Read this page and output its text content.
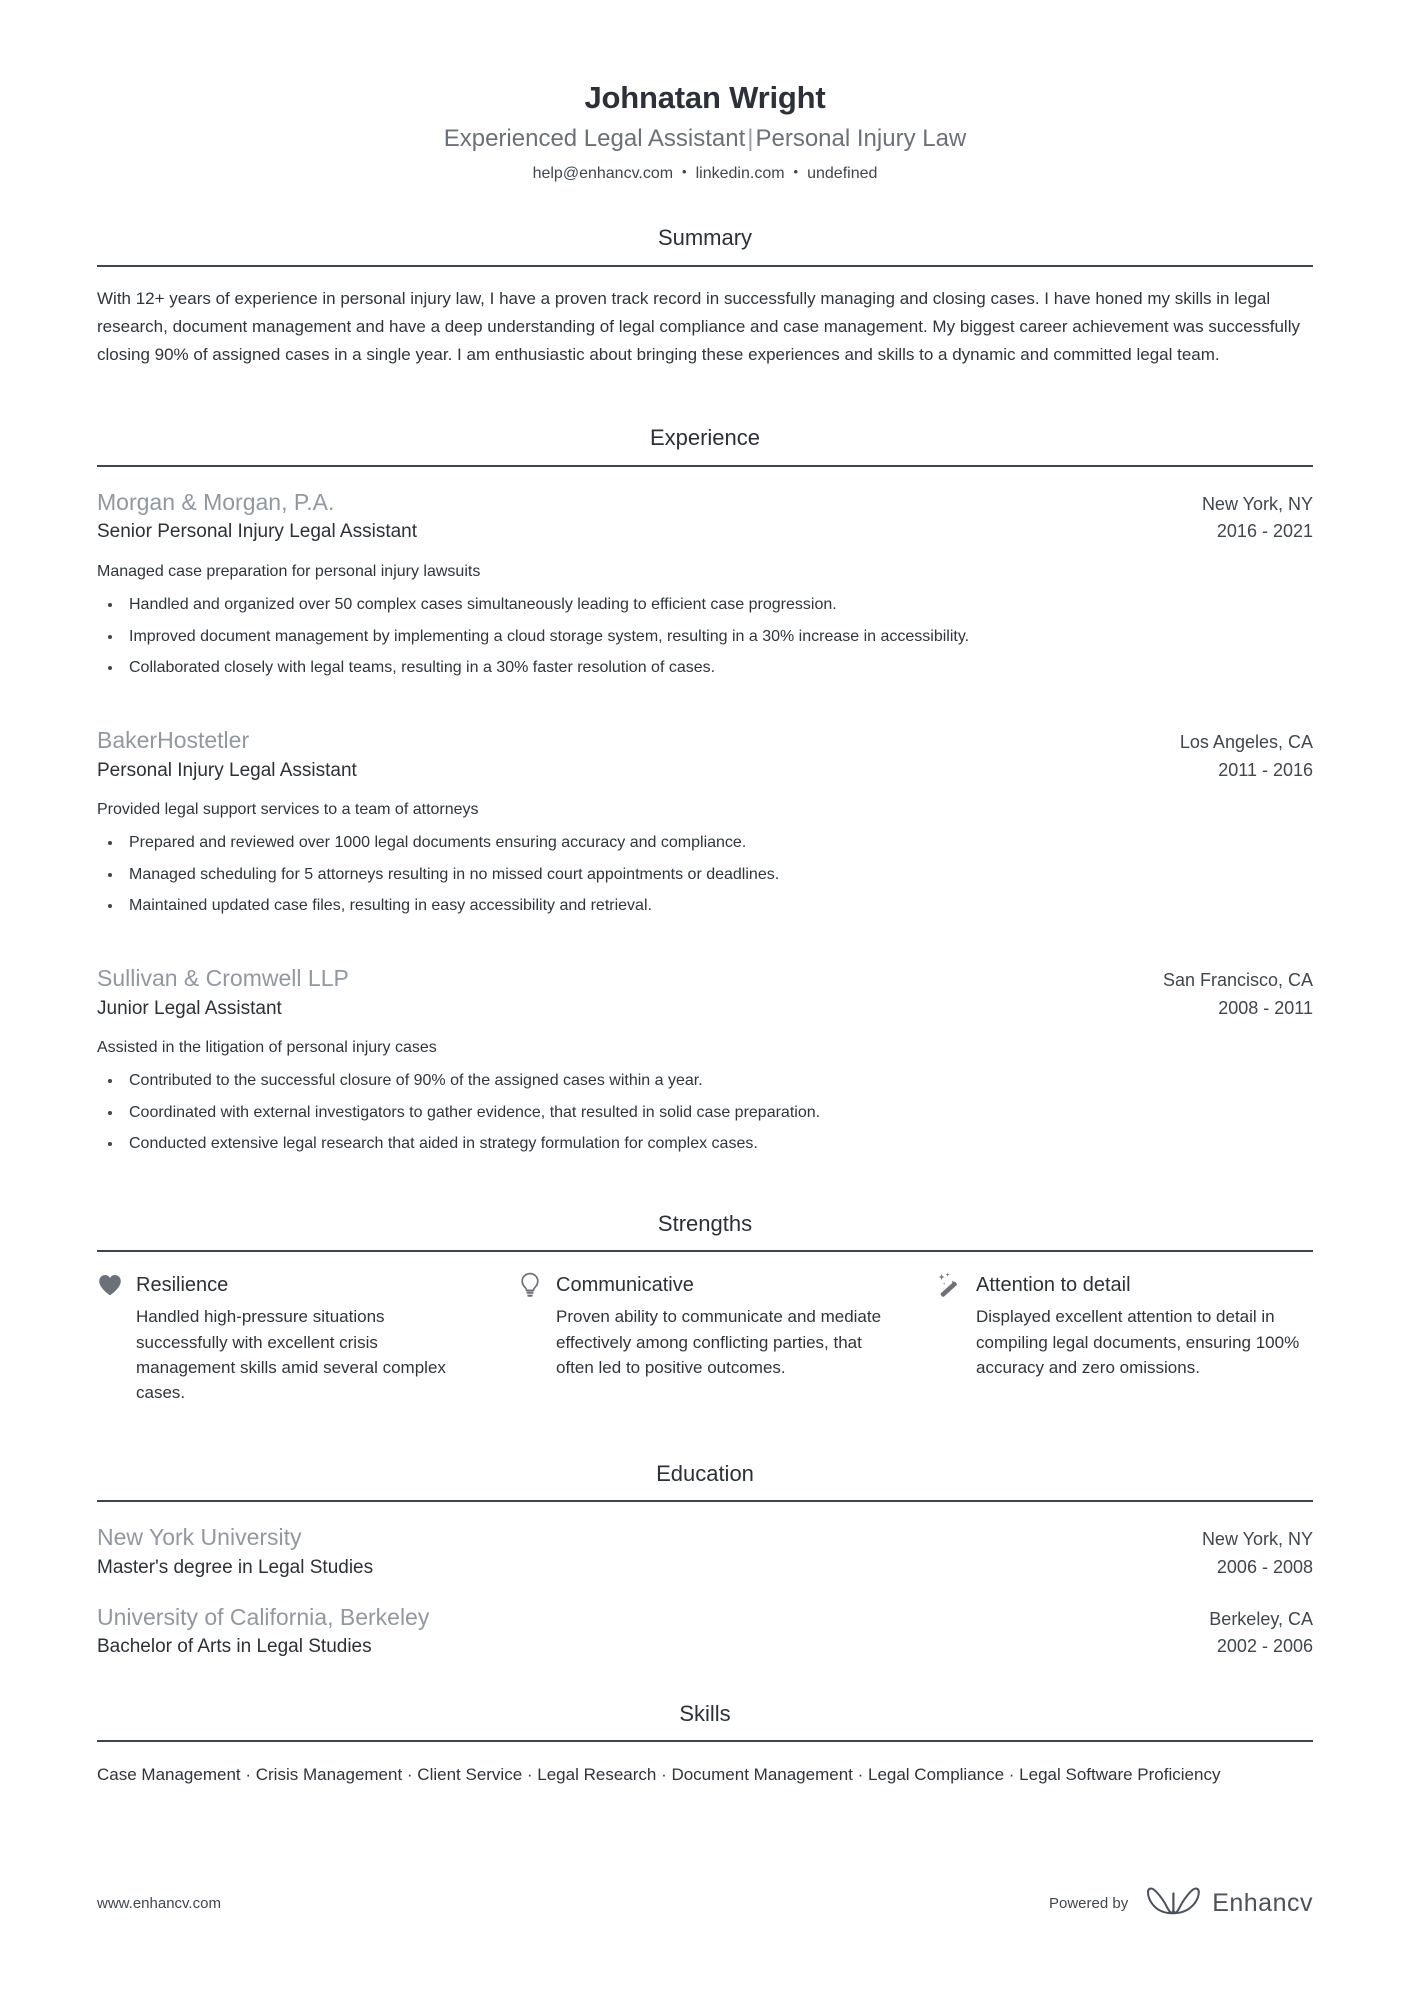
Johnatan Wright
Experienced Legal Assistant|Personal Injury Law
help@enhancv.com • linkedin.com • undefined
Summary
With 12+ years of experience in personal injury law, I have a proven track record in successfully managing and closing cases. I have honed my skills in legal research, document management and have a deep understanding of legal compliance and case management. My biggest career achievement was successfully closing 90% of assigned cases in a single year. I am enthusiastic about bringing these experiences and skills to a dynamic and committed legal team.
Experience
Morgan & Morgan, P.A.	New York, NY
Senior Personal Injury Legal Assistant	2016 - 2021
Managed case preparation for personal injury lawsuits
Handled and organized over 50 complex cases simultaneously leading to efficient case progression.
Improved document management by implementing a cloud storage system, resulting in a 30% increase in accessibility.
Collaborated closely with legal teams, resulting in a 30% faster resolution of cases.
BakerHostetler	Los Angeles, CA
Personal Injury Legal Assistant	2011 - 2016
Provided legal support services to a team of attorneys
Prepared and reviewed over 1000 legal documents ensuring accuracy and compliance.
Managed scheduling for 5 attorneys resulting in no missed court appointments or deadlines.
Maintained updated case files, resulting in easy accessibility and retrieval.
Sullivan & Cromwell LLP	San Francisco, CA
Junior Legal Assistant	2008 - 2011
Assisted in the litigation of personal injury cases
Contributed to the successful closure of 90% of the assigned cases within a year.
Coordinated with external investigators to gather evidence, that resulted in solid case preparation.
Conducted extensive legal research that aided in strategy formulation for complex cases.
Strengths
Resilience
Handled high-pressure situations successfully with excellent crisis management skills amid several complex cases.
Communicative
Proven ability to communicate and mediate effectively among conflicting parties, that often led to positive outcomes.
Attention to detail
Displayed excellent attention to detail in compiling legal documents, ensuring 100% accuracy and zero omissions.
Education
New York University	New York, NY
Master's degree in Legal Studies	2006 - 2008
University of California, Berkeley	Berkeley, CA
Bachelor of Arts in Legal Studies	2002 - 2006
Skills
Case Management · Crisis Management · Client Service · Legal Research · Document Management · Legal Compliance · Legal Software Proficiency
www.enhancv.com	Powered by	Enhancv
